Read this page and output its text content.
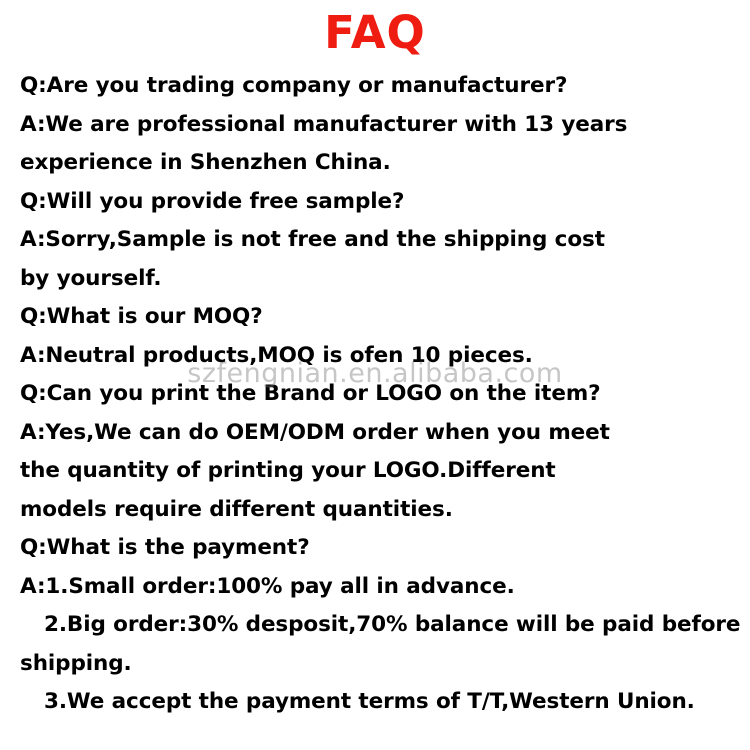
FAQ
Q:Are you trading company or manufacturer?
A:We are professional manufacturer with 13 years
experience in Shenzhen China.
Q:Will you provide free sample?
A:Sorry,Sample is not free and the shipping cost
by yourself.
Q:What is our MOQ?
A:Neutral products,MOQ is ofen 10 pieces.
Q:Can you print the Brand or LOGO on the item?
A:Yes,We can do OEM/ODM order when you meet
the quantity of printing your LOGO.Different
models require different quantities.
Q:What is the payment?
A:1.Small order:100% pay all in advance.
2.Big order:30% desposit,70% balance will be paid before
shipping.
3.We accept the payment terms of T/T,Western Union.
szfengnian.en.alibaba.com
